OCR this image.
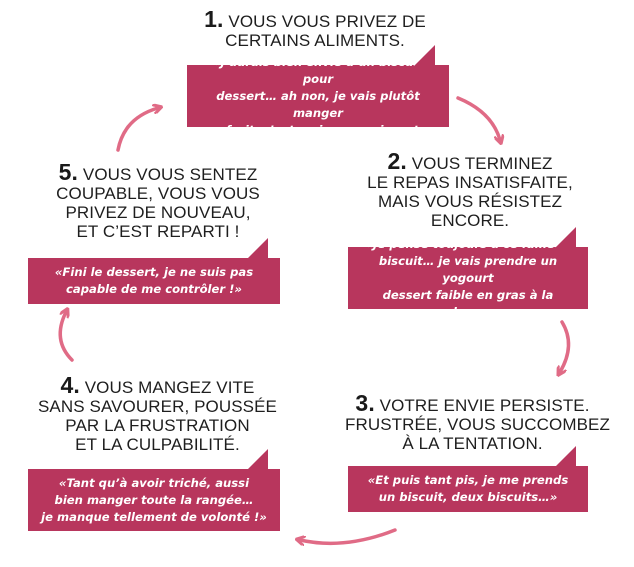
1. VOUS VOUS PRIVEZ DE
CERTAINS ALIMENTS.
«J’aurais bien envie d’un biscuit pour
dessert… ah non, je vais plutôt manger
un fruit, c’est moins engraissant.»
2. VOUS TERMINEZ
LE REPAS INSATISFAITE,
MAIS VOUS RÉSISTEZ
ENCORE.
«Je pense toujours à ce fameux
biscuit… je vais prendre un yogourt
dessert faible en gras à la place.»
3. VOTRE ENVIE PERSISTE.
FRUSTRÉE, VOUS SUCCOMBEZ
À LA TENTATION.
«Et puis tant pis, je me prends
un biscuit, deux biscuits…»
4. VOUS MANGEZ VITE
SANS SAVOURER, POUSSÉE
PAR LA FRUSTRATION
ET LA CULPABILITÉ.
«Tant qu’à avoir triché, aussi
bien manger toute la rangée…
je manque tellement de volonté !»
5. VOUS VOUS SENTEZ
COUPABLE, VOUS VOUS
PRIVEZ DE NOUVEAU,
ET C’EST REPARTI !
«Fini le dessert, je ne suis pas
capable de me contrôler !»
